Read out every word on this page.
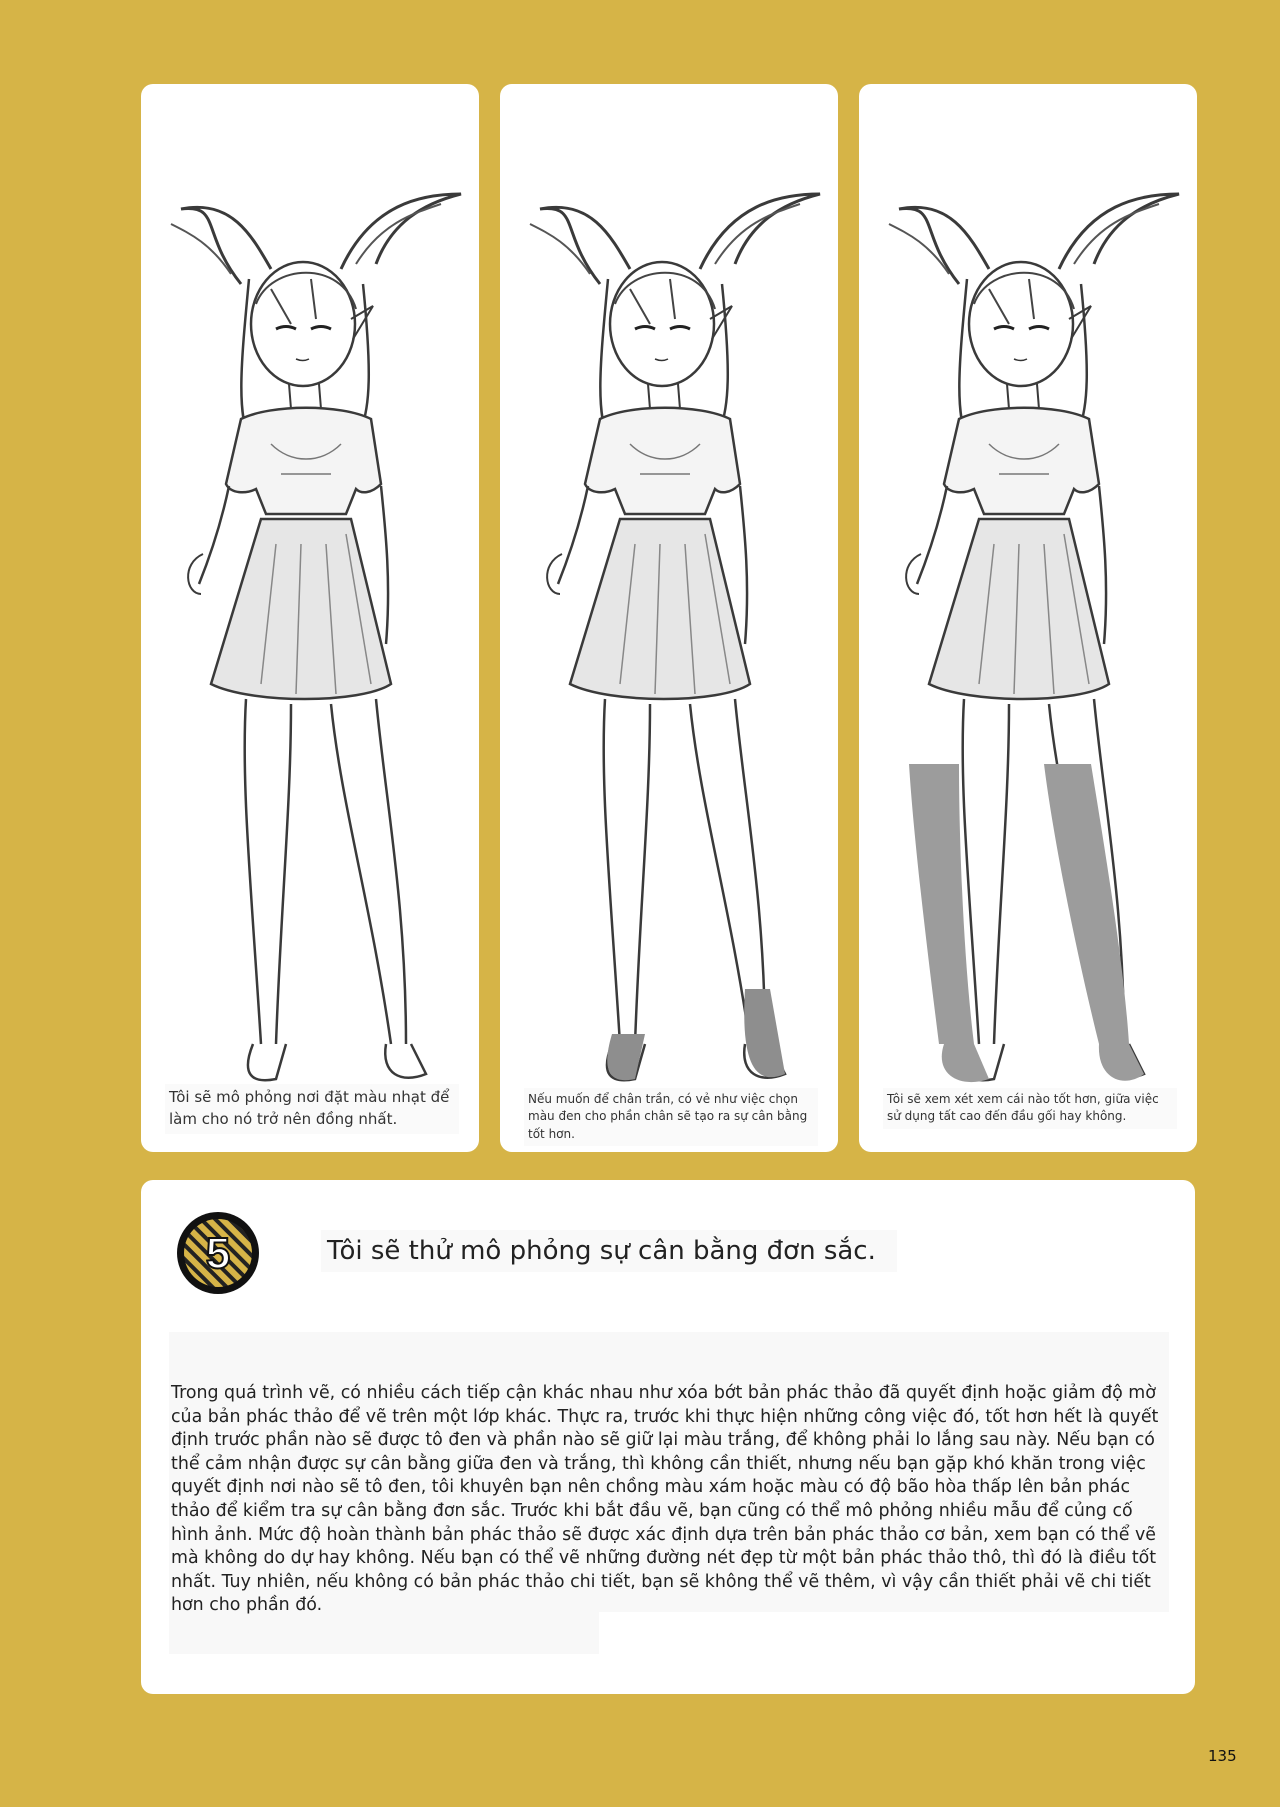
Tôi sẽ mô phỏng nơi đặt màu nhạt để làm cho nó trở nên đồng nhất.
Nếu muốn để chân trần, có vẻ như việc chọn màu đen cho phần chân sẽ tạo ra sự cân bằng tốt hơn.
Tôi sẽ xem xét xem cái nào tốt hơn, giữa việc sử dụng tất cao đến đầu gối hay không.
5	Tôi sẽ thử mô phỏng sự cân bằng đơn sắc.
Trong quá trình vẽ, có nhiều cách tiếp cận khác nhau như xóa bớt bản phác thảo đã quyết định hoặc giảm độ mờ của bản phác thảo để vẽ trên một lớp khác. Thực ra, trước khi thực hiện những công việc đó, tốt hơn hết là quyết định trước phần nào sẽ được tô đen và phần nào sẽ giữ lại màu trắng, để không phải lo lắng sau này. Nếu bạn có thể cảm nhận được sự cân bằng giữa đen và trắng, thì không cần thiết, nhưng nếu bạn gặp khó khăn trong việc quyết định nơi nào sẽ tô đen, tôi khuyên bạn nên chồng màu xám hoặc màu có độ bão hòa thấp lên bản phác thảo để kiểm tra sự cân bằng đơn sắc. Trước khi bắt đầu vẽ, bạn cũng có thể mô phỏng nhiều mẫu để củng cố hình ảnh. Mức độ hoàn thành bản phác thảo sẽ được xác định dựa trên bản phác thảo cơ bản, xem bạn có thể vẽ mà không do dự hay không. Nếu bạn có thể vẽ những đường nét đẹp từ một bản phác thảo thô, thì đó là điều tốt nhất. Tuy nhiên, nếu không có bản phác thảo chi tiết, bạn sẽ không thể vẽ thêm, vì vậy cần thiết phải vẽ chi tiết hơn cho phần đó.
135
